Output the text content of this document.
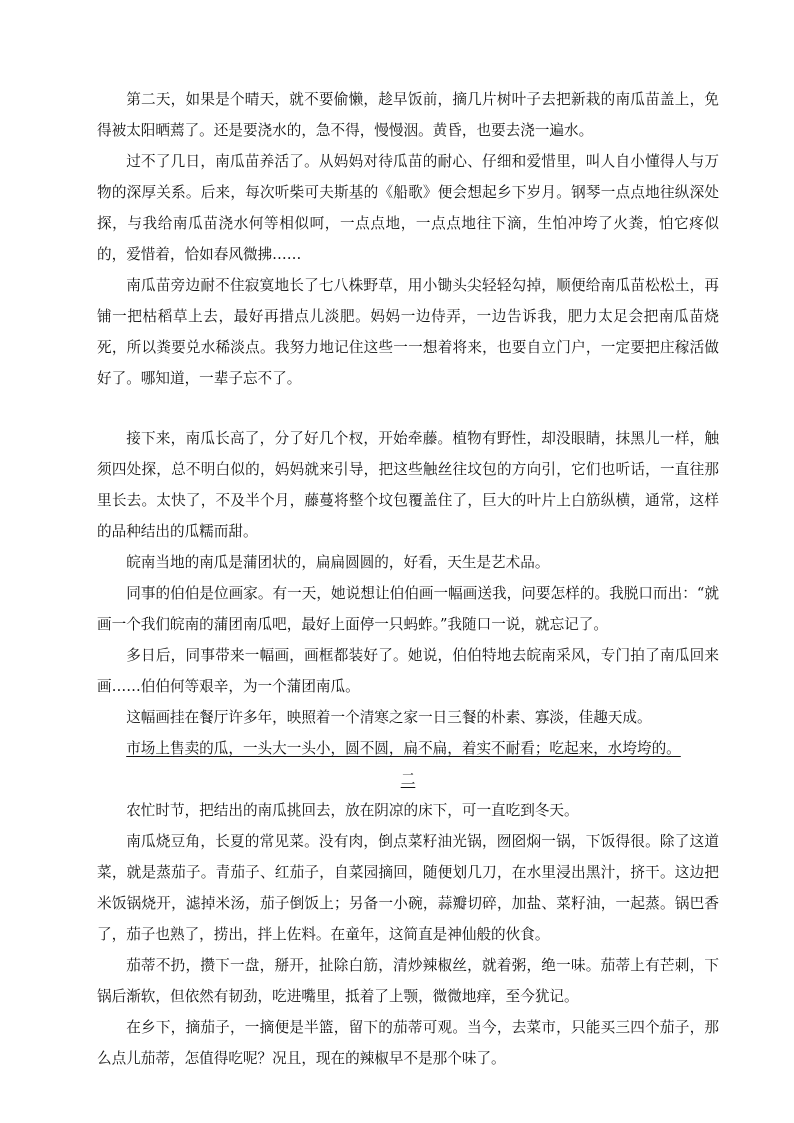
第二天，如果是个晴天，就不要偷懒，趁早饭前，摘几片树叶子去把新栽的南瓜苗盖上，免得被太阳晒蔫了。还是要浇水的，急不得，慢慢洇。黄昏，也要去浇一遍水。

过不了几日，南瓜苗养活了。从妈妈对待瓜苗的耐心、仔细和爱惜里，叫人自小懂得人与万物的深厚关系。后来，每次听柴可夫斯基的《船歌》便会想起乡下岁月。钢琴一点点地往纵深处探，与我给南瓜苗浇水何等相似呵，一点点地，一点点地往下滴，生怕冲垮了火粪，怕它疼似的，爱惜着，恰如春风微拂……

南瓜苗旁边耐不住寂寞地长了七八株野草，用小锄头尖轻轻勾掉，顺便给南瓜苗松松土，再铺一把枯稻草上去，最好再措点儿淡肥。妈妈一边侍弄，一边告诉我，肥力太足会把南瓜苗烧死，所以粪要兑水稀淡点。我努力地记住这些一一想着将来，也要自立门户，一定要把庄稼活做好了。哪知道，一辈子忘不了。

接下来，南瓜长高了，分了好几个杈，开始牵藤。植物有野性，却没眼睛，抹黑儿一样，触须四处探，总不明白似的，妈妈就来引导，把这些触丝往坟包的方向引，它们也听话，一直往那里长去。太快了，不及半个月，藤蔓将整个坟包覆盖住了，巨大的叶片上白筋纵横，通常，这样的品种结出的瓜糯而甜。

皖南当地的南瓜是蒲团状的，扁扁圆圆的，好看，天生是艺术品。

同事的伯伯是位画家。有一天，她说想让伯伯画一幅画送我，问要怎样的。我脱口而出：“就画一个我们皖南的蒲团南瓜吧，最好上面停一只蚂蚱。”我随口一说，就忘记了。

多日后，同事带来一幅画，画框都装好了。她说，伯伯特地去皖南采风，专门拍了南瓜回来画……伯伯何等艰辛，为一个蒲团南瓜。

这幅画挂在餐厅许多年，映照着一个清寒之家一日三餐的朴素、寡淡，佳趣天成。

市场上售卖的瓜，一头大一头小，圆不圆，扁不扁，着实不耐看；吃起来，水垮垮的。

二

农忙时节，把结出的南瓜挑回去，放在阴凉的床下，可一直吃到冬天。

南瓜烧豆角，长夏的常见菜。没有肉，倒点菜籽油光锅，囫囵焖一锅，下饭得很。除了这道菜，就是蒸茄子。青茄子、红茄子，自菜园摘回，随便划几刀，在水里浸出黑汁，挤干。这边把米饭锅烧开，滤掉米汤，茄子倒饭上；另备一小碗，蒜瓣切碎，加盐、菜籽油，一起蒸。锅巴香了，茄子也熟了，捞出，拌上佐料。在童年，这简直是神仙般的伙食。

茄蒂不扔，攒下一盘，掰开，扯除白筋，清炒辣椒丝，就着粥，绝一味。茄蒂上有芒刺，下锅后渐软，但依然有韧劲，吃进嘴里，抵着了上颚，微微地痒，至今犹记。

在乡下，摘茄子，一摘便是半篮，留下的茄蒂可观。当今，去菜市，只能买三四个茄子，那么点儿茄蒂，怎值得吃呢？况且，现在的辣椒早不是那个味了。
